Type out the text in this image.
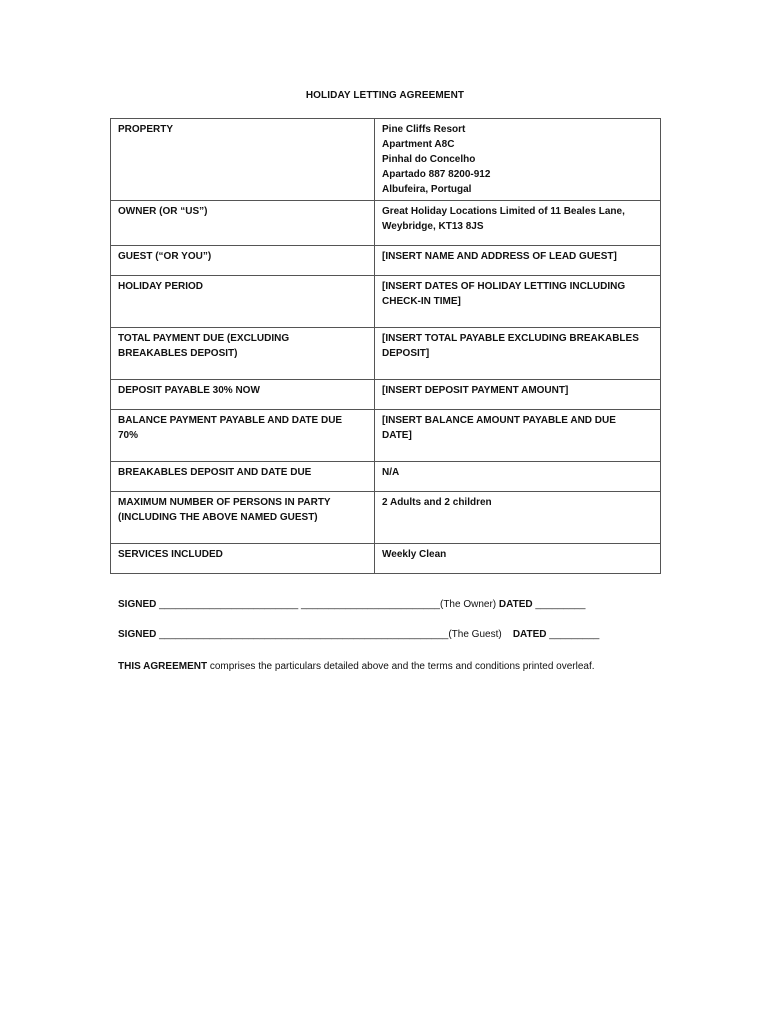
HOLIDAY LETTING AGREEMENT
PROPERTY	Pine Cliffs Resort
Apartment A8C
Pinhal do Concelho
Apartado 887 8200-912
Albufeira, Portugal

OWNER (OR “US”)	Great Holiday Locations Limited of 11 Beales Lane,
Weybridge, KT13 8JS

GUEST (“OR YOU”)	[INSERT NAME AND ADDRESS OF LEAD GUEST]

HOLIDAY PERIOD	[INSERT DATES OF HOLIDAY LETTING INCLUDING
CHECK-IN TIME]

TOTAL PAYMENT DUE (EXCLUDING
BREAKABLES DEPOSIT)	[INSERT TOTAL PAYABLE EXCLUDING BREAKABLES
DEPOSIT]

DEPOSIT PAYABLE 30% NOW	[INSERT DEPOSIT PAYMENT AMOUNT]

BALANCE PAYMENT PAYABLE AND DATE DUE
70%	[INSERT BALANCE AMOUNT PAYABLE AND DUE
DATE]

BREAKABLES DEPOSIT AND DATE DUE	N/A

MAXIMUM NUMBER OF PERSONS IN PARTY
(INCLUDING THE ABOVE NAMED GUEST)	2 Adults and 2 children

SERVICES INCLUDED	Weekly Clean
SIGNED _________________________ _________________________(The Owner) DATED _________
SIGNED ____________________________________________________(The Guest) DATED _________
THIS AGREEMENT comprises the particulars detailed above and the terms and conditions printed overleaf.
